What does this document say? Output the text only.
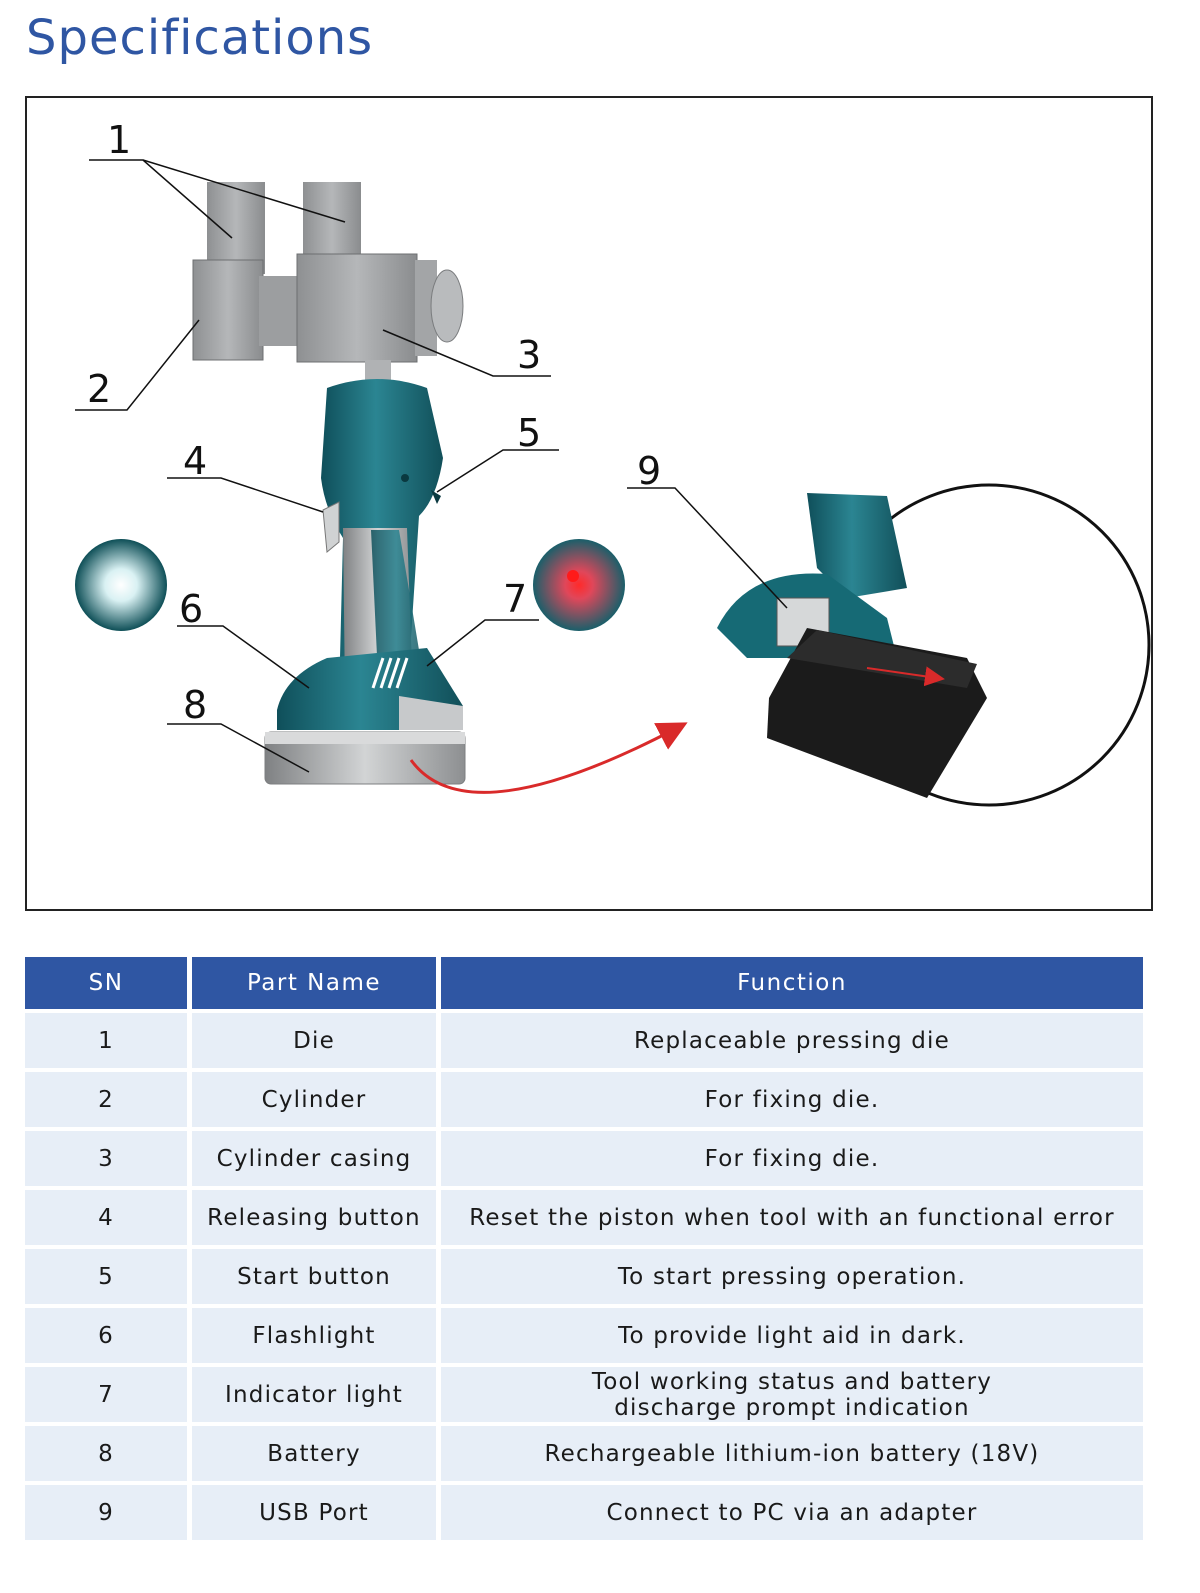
Specifications
1
2
3
4
5
6	7
8
9
SN	Part Name	Function
1	Die	Replaceable pressing die
2	Cylinder	For fixing die.
3	Cylinder casing	For fixing die.
4	Releasing button	Reset the piston when tool with an functional error
5	Start button	To start pressing operation.
6	Flashlight	To provide light aid in dark.
7	Indicator light	Tool working status and battery
discharge prompt indication
8	Battery	Rechargeable lithium-ion battery (18V)
9	USB Port	Connect to PC via an adapter
